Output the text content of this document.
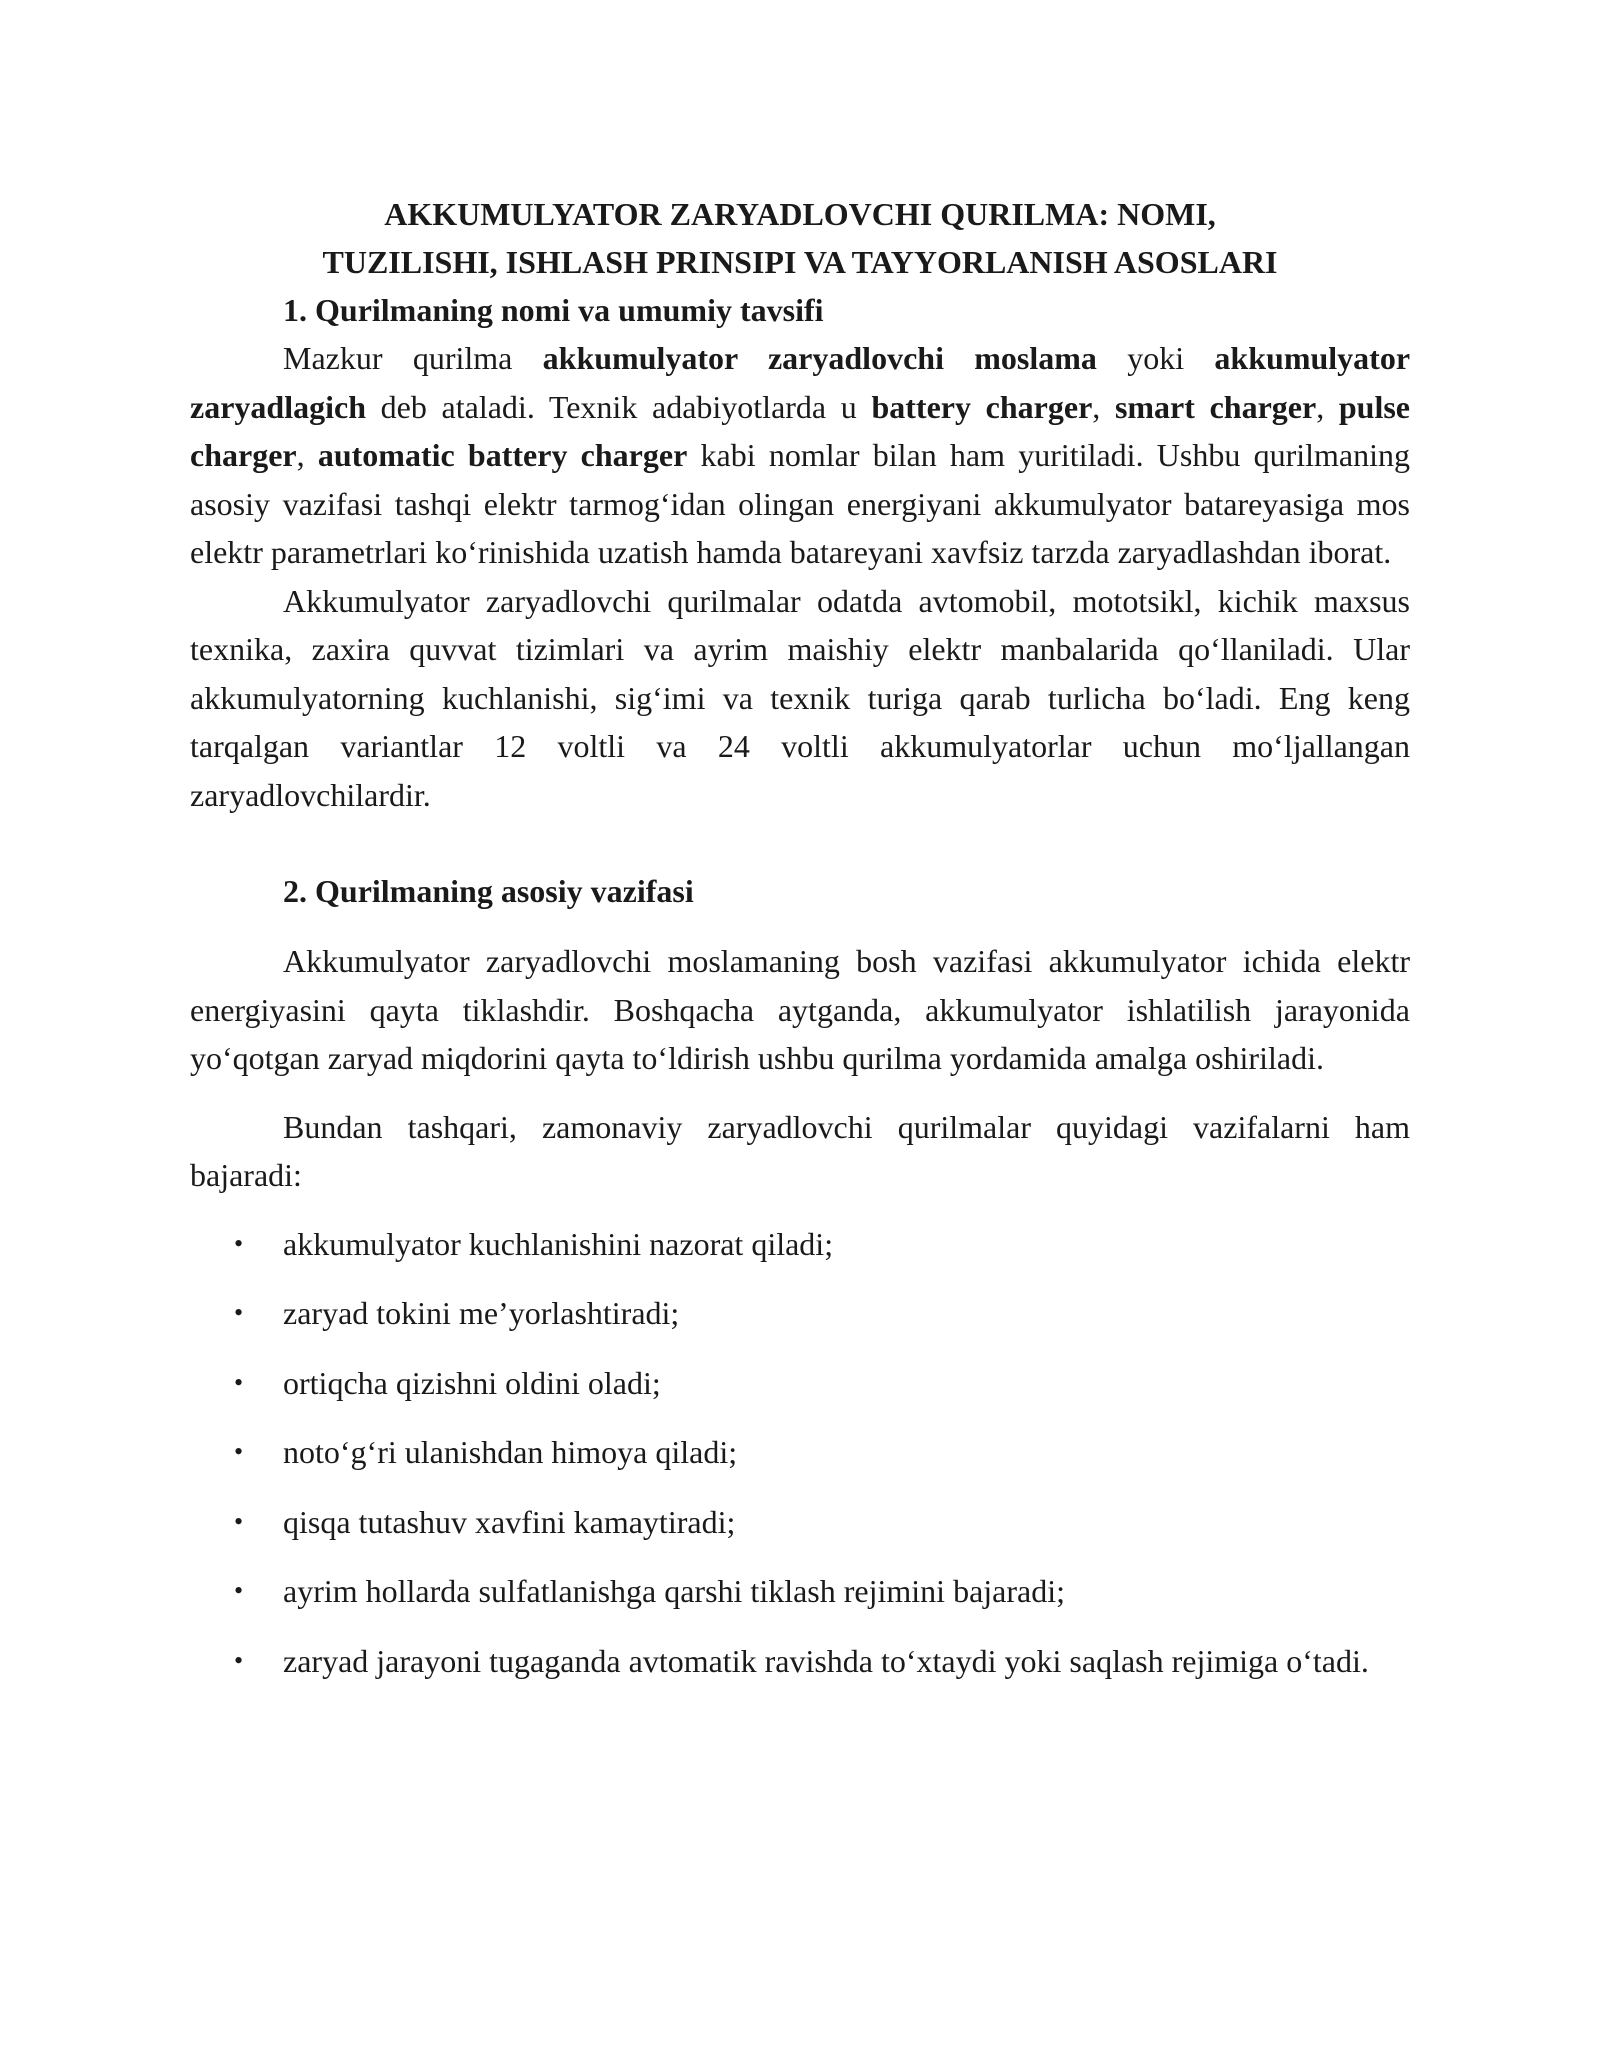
AKKUMULYATOR ZARYADLOVCHI QURILMA: NOMI,
TUZILISHI, ISHLASH PRINSIPI VA TAYYORLANISH ASOSLARI
1. Qurilmaning nomi va umumiy tavsifi

Mazkur qurilma akkumulyator zaryadlovchi moslama yoki akkumulyator zaryadlagich deb ataladi. Texnik adabiyotlarda u battery charger, smart charger, pulse charger, automatic battery charger kabi nomlar bilan ham yuritiladi. Ushbu qurilmaning asosiy vazifasi tashqi elektr tarmog‘idan olingan energiyani akkumulyator batareyasiga mos elektr parametrlari ko‘rinishida uzatish hamda batareyani xavfsiz tarzda zaryadlashdan iborat.

Akkumulyator zaryadlovchi qurilmalar odatda avtomobil, mototsikl, kichik maxsus texnika, zaxira quvvat tizimlari va ayrim maishiy elektr manbalarida qo‘llaniladi. Ular akkumulyatorning kuchlanishi, sig‘imi va texnik turiga qarab turlicha bo‘ladi. Eng keng tarqalgan variantlar 12 voltli va 24 voltli akkumulyatorlar uchun mo‘ljallangan zaryadlovchilardir.

2. Qurilmaning asosiy vazifasi

Akkumulyator zaryadlovchi moslamaning bosh vazifasi akkumulyator ichida elektr energiyasini qayta tiklashdir. Boshqacha aytganda, akkumulyator ishlatilish jarayonida yo‘qotgan zaryad miqdorini qayta to‘ldirish ushbu qurilma yordamida amalga oshiriladi.

Bundan tashqari, zamonaviy zaryadlovchi qurilmalar quyidagi vazifalarni ham bajaradi:

• akkumulyator kuchlanishini nazorat qiladi;
• zaryad tokini me’yorlashtiradi;
• ortiqcha qizishni oldini oladi;
• noto‘g‘ri ulanishdan himoya qiladi;
• qisqa tutashuv xavfini kamaytiradi;
• ayrim hollarda sulfatlanishga qarshi tiklash rejimini bajaradi;
• zaryad jarayoni tugaganda avtomatik ravishda to‘xtaydi yoki saqlash rejimiga o‘tadi.
